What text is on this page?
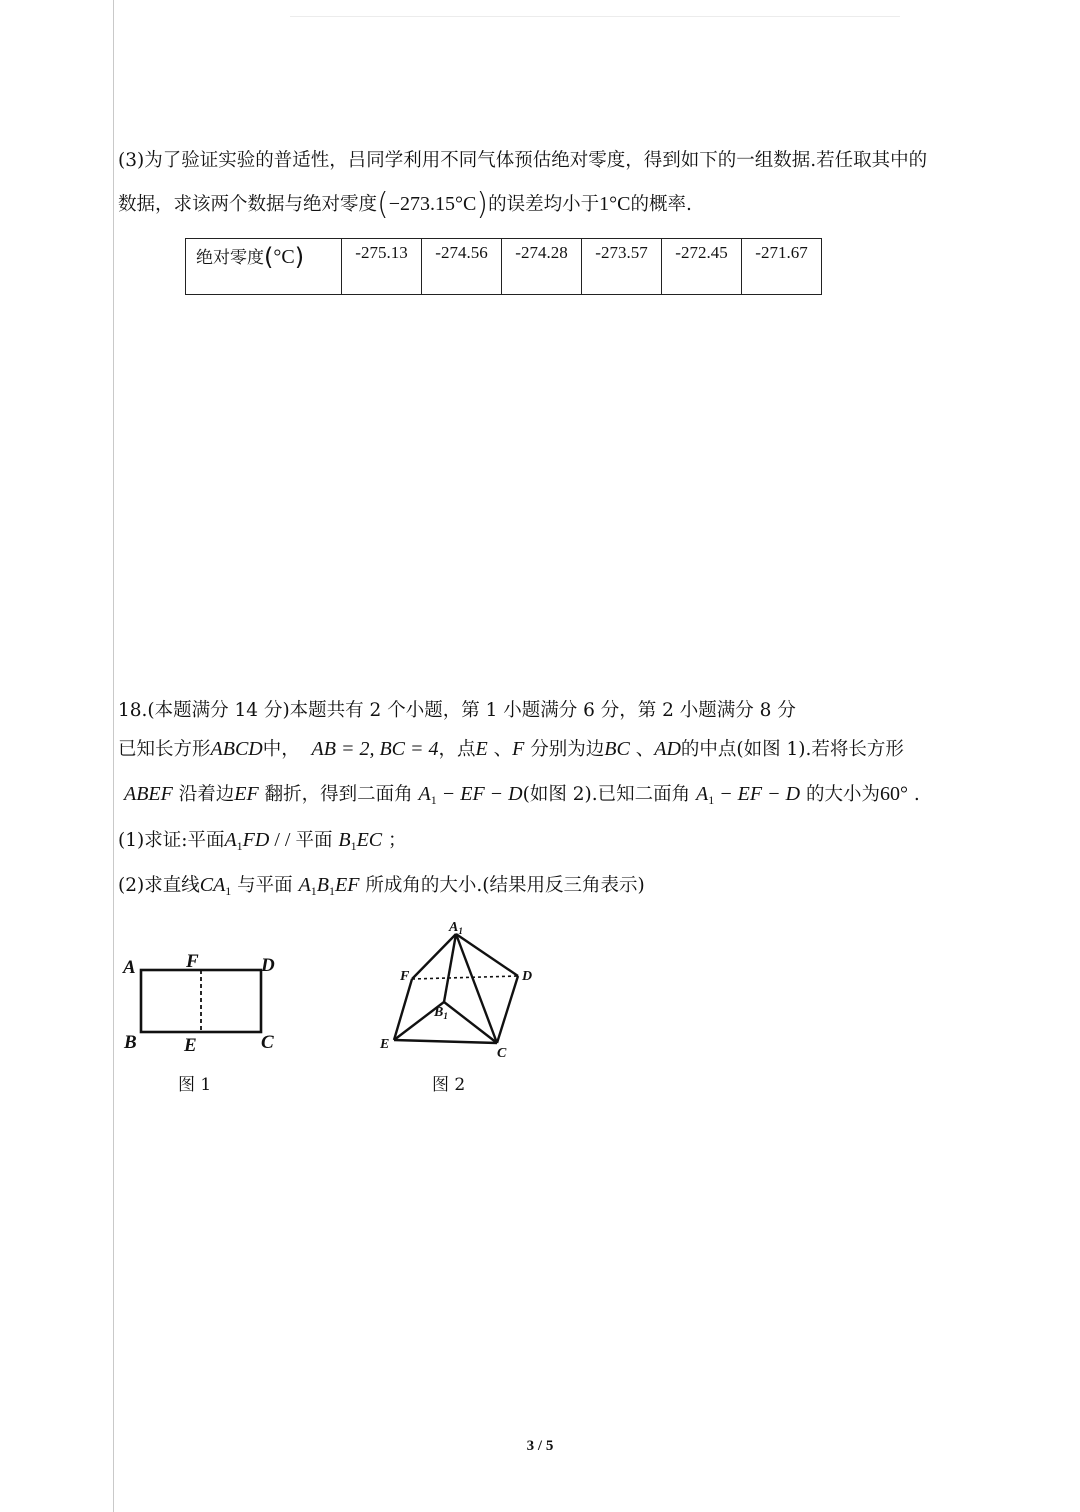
(3)为了验证实验的普适性，吕同学利用不同气体预估绝对零度，得到如下的一组数据.若任取其中的
数据，求该两个数据与绝对零度(−273.15°C)的误差均小于1°C的概率.
绝对零度(°C)	-275.13	-274.56	-274.28	-273.57	-272.45	-271.67
18.(本题满分 14 分)本题共有 2 个小题，第 1 小题满分 6 分，第 2 小题满分 8 分
已知长方形ABCD中， AB = 2, BC = 4，点E 、F 分别为边BC 、AD的中点(如图 1).若将长方形
ABEF 沿着边EF 翻折，得到二面角 $A_1$ − EF − D(如图 2).已知二面角 $A_1$ − EF − D 的大小为60° .
(1)求证:平面$A_1FD$ / / 平面 $B_1EC$ ；
(2)求直线$CA_1$ 与平面 $A_1B_1EF$ 所成角的大小.(结果用反三角表示)
A	F	D
B E	C
图 1
$A_1$
F	D
$B_1$
E
C
图 2
3 / 5
